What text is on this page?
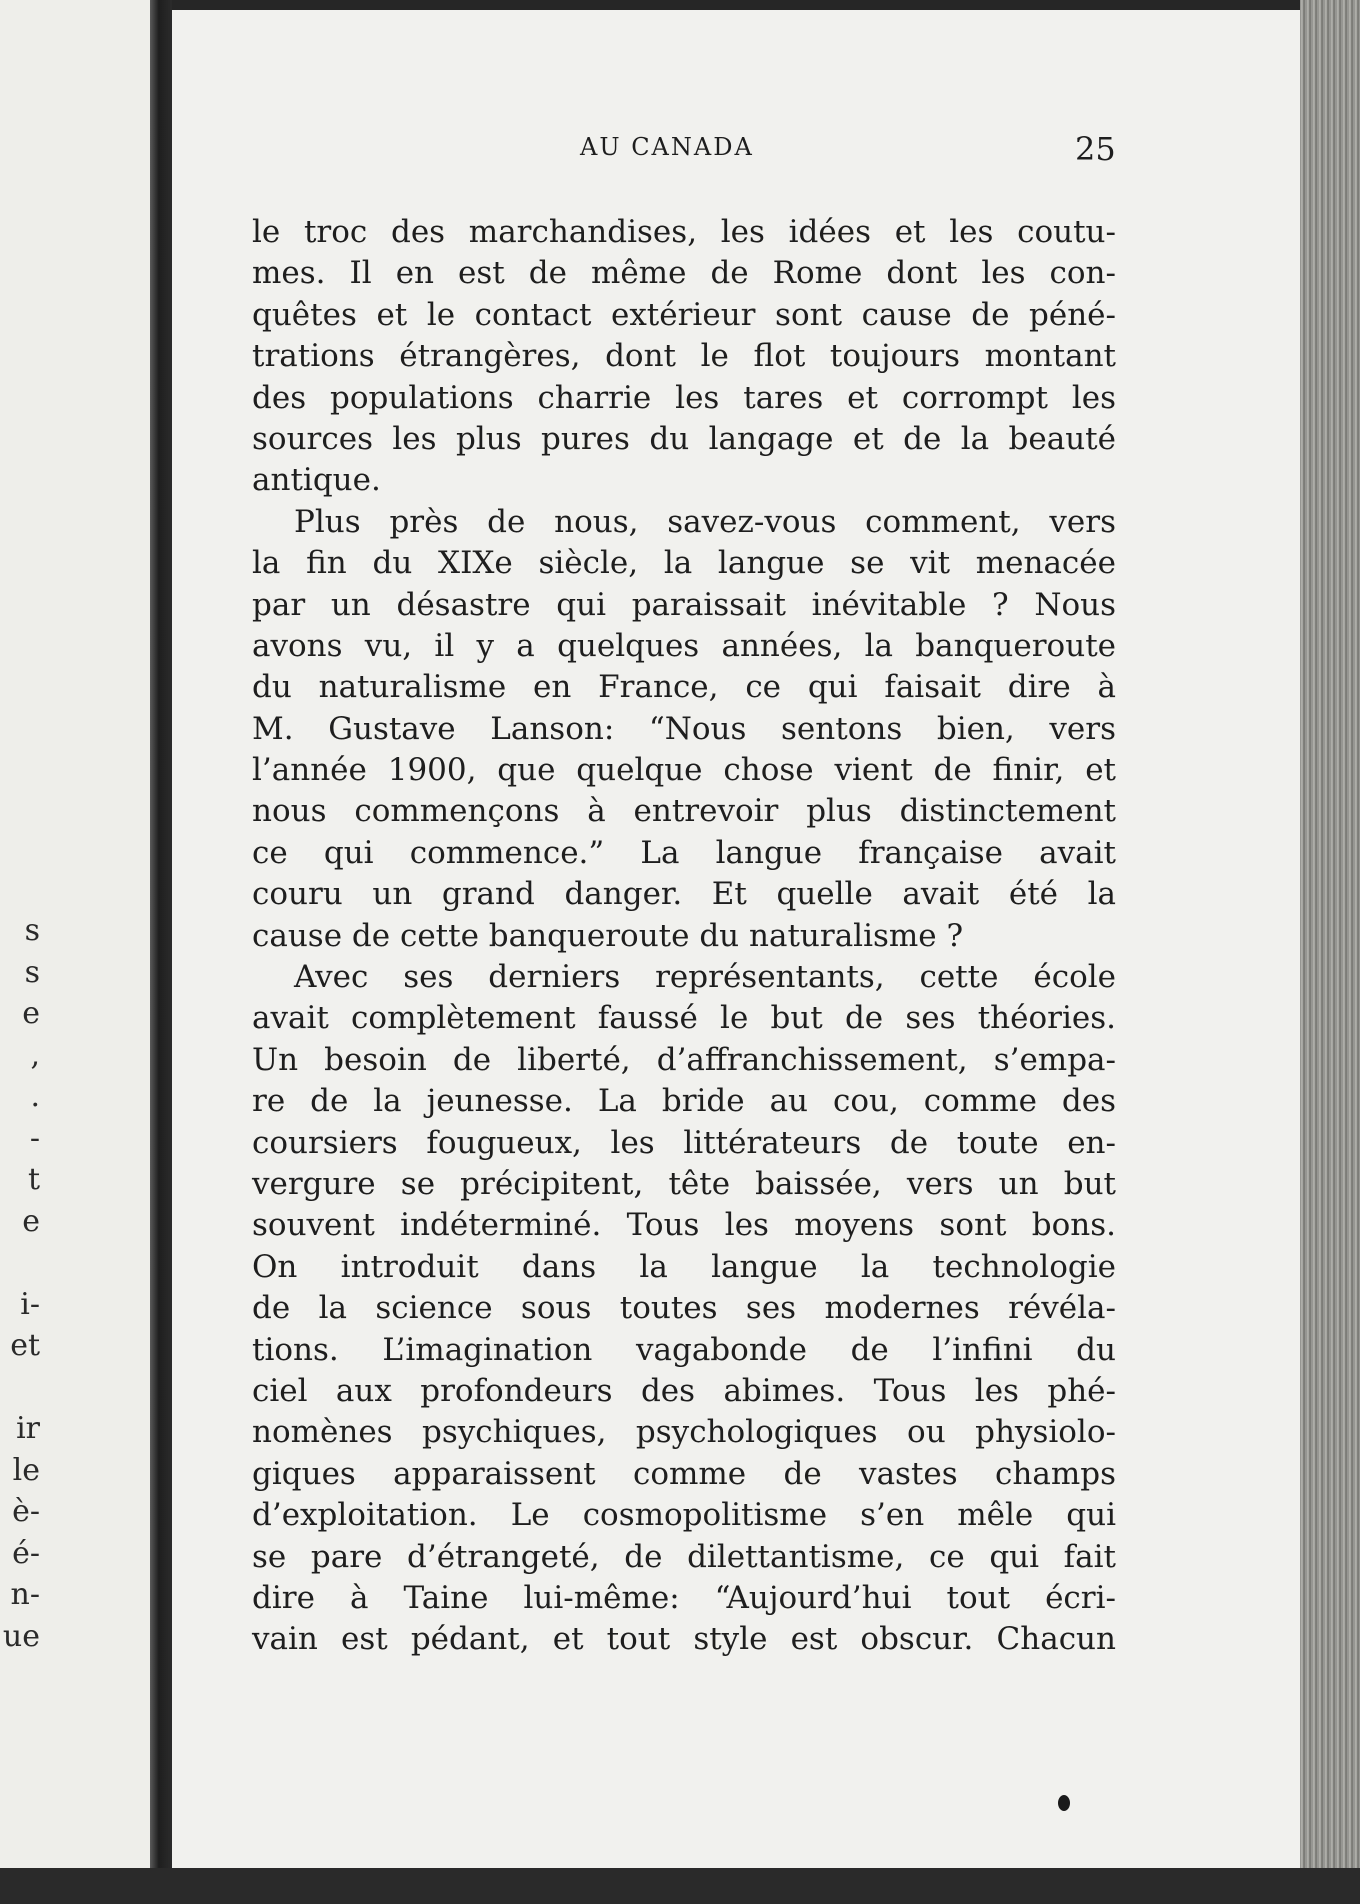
s
s
e
,
.
-
t
e
i-
et
ir
le
è-
é-
n-
ue
AU CANADA	25
le troc des marchandises, les idées et les coutu-
mes. Il en est de même de Rome dont les con-
quêtes et le contact extérieur sont cause de péné-
trations étrangères, dont le flot toujours montant
des populations charrie les tares et corrompt les
sources les plus pures du langage et de la beauté
antique.
Plus près de nous, savez-vous comment, vers
la fin du XIXe siècle, la langue se vit menacée
par un désastre qui paraissait inévitable ? Nous
avons vu, il y a quelques années, la banqueroute
du naturalisme en France, ce qui faisait dire à
M. Gustave Lanson: “Nous sentons bien, vers
l’année 1900, que quelque chose vient de finir, et
nous commençons à entrevoir plus distinctement
ce qui commence.” La langue française avait
couru un grand danger. Et quelle avait été la
cause de cette banqueroute du naturalisme ?
Avec ses derniers représentants, cette école
avait complètement faussé le but de ses théories.
Un besoin de liberté, d’affranchissement, s’empa-
re de la jeunesse. La bride au cou, comme des
coursiers fougueux, les littérateurs de toute en-
vergure se précipitent, tête baissée, vers un but
souvent indéterminé. Tous les moyens sont bons.
On introduit dans la langue la technologie
de la science sous toutes ses modernes révéla-
tions. L’imagination vagabonde de l’infini du
ciel aux profondeurs des abimes. Tous les phé-
nomènes psychiques, psychologiques ou physiolo-
giques apparaissent comme de vastes champs
d’exploitation. Le cosmopolitisme s’en mêle qui
se pare d’étrangeté, de dilettantisme, ce qui fait
dire à Taine lui-même: “Aujourd’hui tout écri-
vain est pédant, et tout style est obscur. Chacun
